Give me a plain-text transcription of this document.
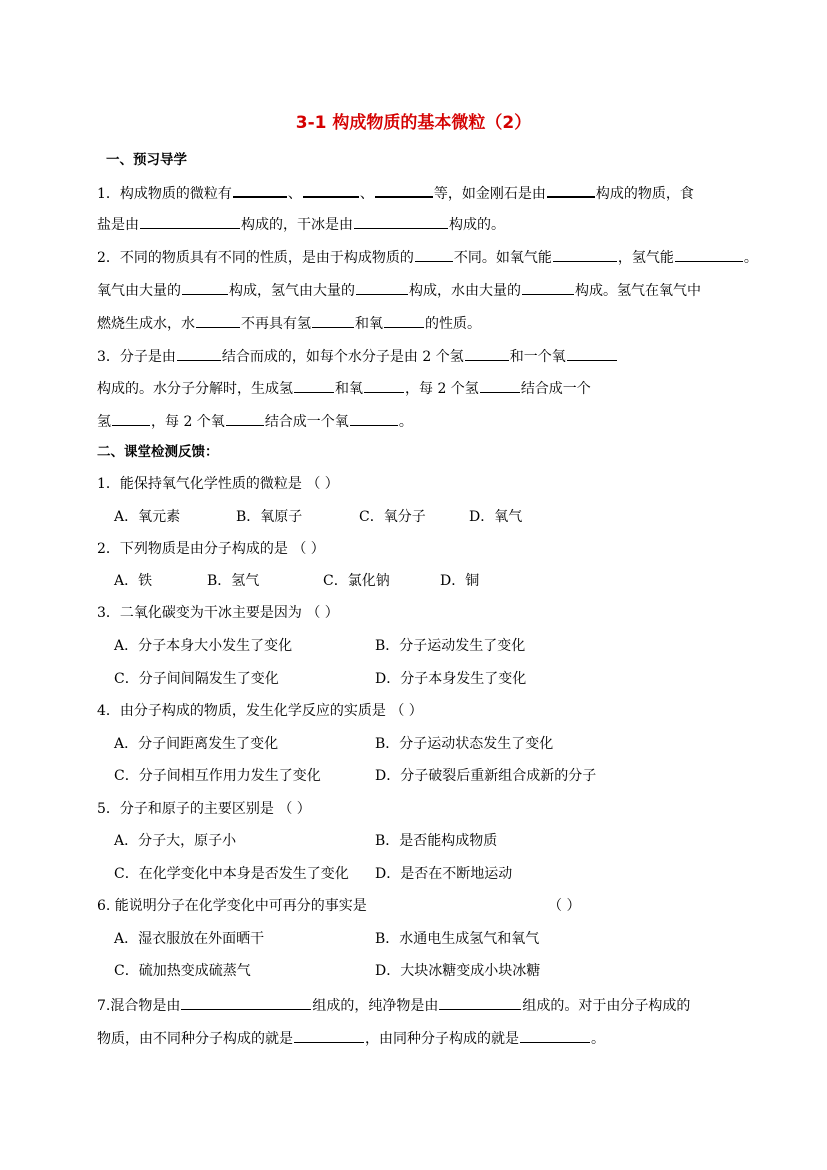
3-1 构成物质的基本微粒（2）
一、预习导学
1．构成物质的微粒有	、	、	等，如金刚石是由	构成的物质，食
盐是由	构成的，干冰是由	构成的。
2．不同的物质具有不同的性质，是由于构成物质的	不同。如氧气能	，氢气能	。
氧气由大量的	构成，氢气由大量的	构成，水由大量的	构成。氢气在氧气中
燃烧生成水，水	不再具有氢	和氧	的性质。
3．分子是由	结合而成的，如每个水分子是由 2 个氢	和一个氧
构成的。水分子分解时，生成氢	和氧	，每 2 个氢	结合成一个
氢	，每 2 个氧	结合成一个氧	。
二、课堂检测反馈：
1．能保持氧气化学性质的微粒是 （ ）
A．氧元素	B．氧原子	C．氧分子	D．氧气
2．下列物质是由分子构成的是 （ ）
A．铁	B．氢气	C．氯化钠	D．铜
3．二氧化碳变为干冰主要是因为 （ ）
A．分子本身大小发生了变化	B．分子运动发生了变化
C．分子间间隔发生了变化	D．分子本身发生了变化
4．由分子构成的物质，发生化学反应的实质是 （ ）
A．分子间距离发生了变化	B．分子运动状态发生了变化
C．分子间相互作用力发生了变化	D．分子破裂后重新组合成新的分子
5．分子和原子的主要区别是 （ ）
A．分子大，原子小	B．是否能构成物质
C．在化学变化中本身是否发生了变化 D．是否在不断地运动
6. 能说明分子在化学变化中可再分的事实是	（ ）
A．湿衣服放在外面晒干	B．水通电生成氢气和氧气
C．硫加热变成硫蒸气	D．大块冰糖变成小块冰糖
7.混合物是由	组成的，纯净物是由	组成的。对于由分子构成的
物质，由不同种分子构成的就是	，由同种分子构成的就是	。
